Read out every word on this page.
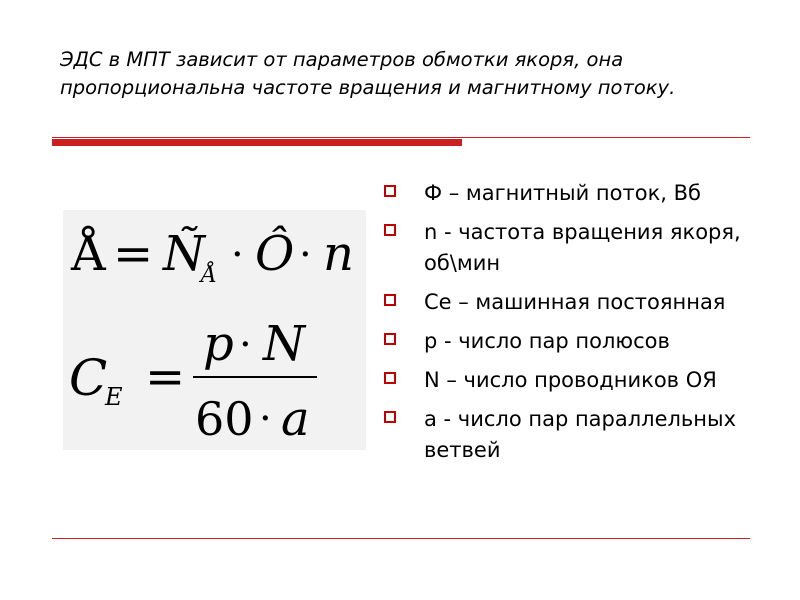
ЭДС в МПТ зависит от параметров обмотки якоря, она пропорциональна частоте вращения и магнитному потоку.
Å = Ñ
Å · Ô · n
C
E =
p · N
60 · a
Ф – магнитный поток, Вб
n - частота вращения якоря, об\мин
Се – машинная постоянная
р - число пар полюсов
N – число проводников ОЯ
а - число пар параллельных ветвей
